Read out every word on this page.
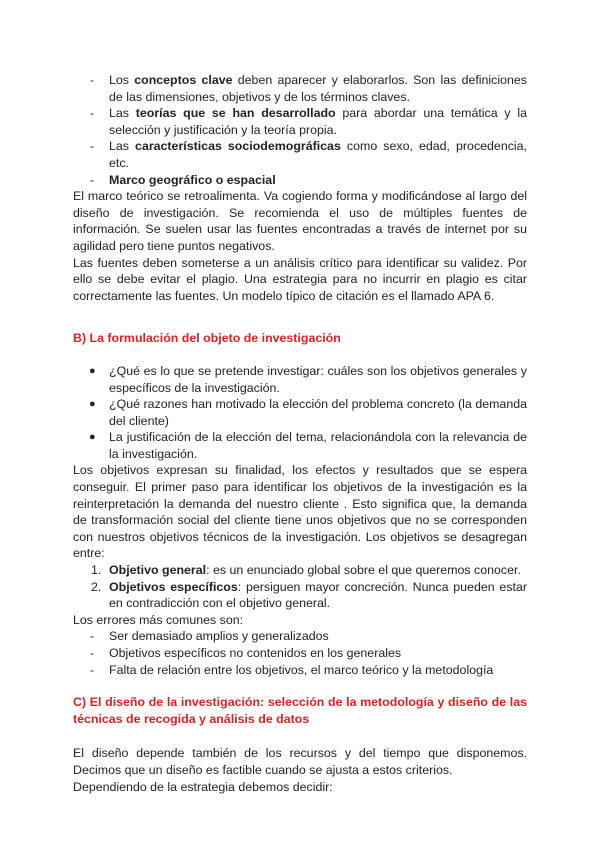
- Los conceptos clave deben aparecer y elaborarlos. Son las definiciones de las dimensiones, objetivos y de los términos claves.
- Las teorías que se han desarrollado para abordar una temática y la selección y justificación y la teoría propia.
- Las características sociodemográficas como sexo, edad, procedencia, etc.
- Marco geográfico o espacial

El marco teórico se retroalimenta. Va cogiendo forma y modificándose al largo del diseño de investigación. Se recomienda el uso de múltiples fuentes de información. Se suelen usar las fuentes encontradas a través de internet por su agilidad pero tiene puntos negativos.

Las fuentes deben someterse a un análisis crítico para identificar su validez. Por ello se debe evitar el plagio. Una estrategia para no incurrir en plagio es citar correctamente las fuentes. Un modelo típico de citación es el llamado APA 6.

B) La formulación del objeto de investigación

● ¿Qué es lo que se pretende investigar: cuáles son los objetivos generales y específicos de la investigación.
● ¿Qué razones han motivado la elección del problema concreto (la demanda del cliente)
● La justificación de la elección del tema, relacionándola con la relevancia de la investigación.

Los objetivos expresan su finalidad, los efectos y resultados que se espera conseguir. El primer paso para identificar los objetivos de la investigación es la reinterpretación la demanda del nuestro cliente . Esto significa que, la demanda de transformación social del cliente tiene unos objetivos que no se corresponden con nuestros objetivos técnicos de la investigación. Los objetivos se desagregan entre:

1. Objetivo general: es un enunciado global sobre el que queremos conocer.
2. Objetivos específicos: persiguen mayor concreción. Nunca pueden estar en contradicción con el objetivo general.

Los errores más comunes son:

- Ser demasiado amplios y generalizados
- Objetivos específicos no contenidos en los generales
- Falta de relación entre los objetivos, el marco teórico y la metodología

C) El diseño de la investigación: selección de la metodología y diseño de las técnicas de recogida y análisis de datos

El diseño depende también de los recursos y del tiempo que disponemos. Decimos que un diseño es factible cuando se ajusta a estos criterios.

Dependiendo de la estrategia debemos decidir:
